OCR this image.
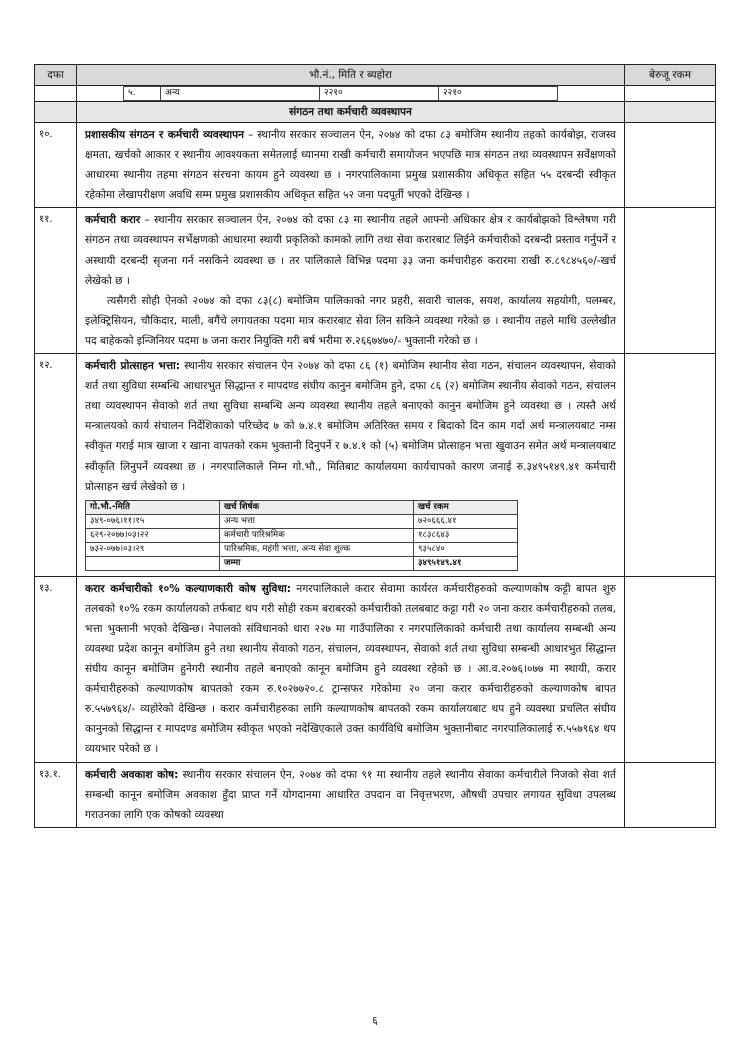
दफा	भौ.नं., मिति र ब्यहोरा	बेरुजू रकम
५.	अन्य	२२१०	२२१०
संगठन तथा कर्मचारी व्यवस्थापन
१०.	प्रशासकीय संगठन र कर्मचारी व्यवस्थापन – स्थानीय सरकार सञ्चालन ऐन, २०७४ को दफा ८३ बमोजिम स्थानीय तहको कार्यबोझ, राजस्व क्षमता, खर्चको आकार र स्थानीय आवश्यकता समेतलाई ध्यानमा राखी कर्मचारी समायोजन भएपछि मात्र संगठन तथा व्यवस्थापन सर्वेक्षणको आधारमा स्थानीय तहमा संगठन संरचना कायम हुने व्यवस्था छ । नगरपालिकामा प्रमुख प्रशासकीय अधिकृत सहित ५५ दरबन्दी स्वीकृत रहेकोमा लेखापरीक्षण अवधि सम्म प्रमुख प्रशासकीय अधिकृत सहित ५२ जना पदपूर्ती भएको देखिन्छ ।
११.	कर्मचारी करार – स्थानीय सरकार सञ्चालन ऐन, २०७४ को दफा ८३ मा स्थानीय तहले आफ्नो अधिकार क्षेत्र र कार्यबोझको विश्लेषण गरी संगठन तथा व्यवस्थापन सर्भेक्षणको आधारमा स्थायी प्रकृतिको कामको लागि तथा सेवा करारबाट लिईने कर्मचारीको दरबन्दी प्रस्ताव गर्नुपर्ने र अस्थायी दरबन्दी सृजना गर्न नसकिने व्यवस्था छ । तर पालिकाले विभिन्न पदमा ३३ जना कर्मचारीहरु करारमा राखी रु.८९८४५६०/-खर्च लेखेको छ ।
त्यसैगरी सोही ऐनको २०७४ को दफा ८३(८) बमोजिम पालिकाको नगर प्रहरी, सवारी चालक, सयश, कार्यालय सहयोगी, पलम्बर, इलेक्ट्रिसियन, चौकिदार, माली, बगैंचे लगायतका पदमा मात्र करारबाट सेवा लिन सकिने व्यवस्था गरेको छ । स्थानीय तहले माथि उल्लेखीत पद बाहेकको इन्जिनियर पदमा ७ जना करार नियुक्ति गरी बर्ष भरीमा रु.२६६७४७०/- भुक्तानी गरेको छ ।
१२.	कर्मचारी प्रोत्साहन भत्ता: स्थानीय सरकार संचालन ऐन २०७४ को दफा ८६ (१) बमोजिम स्थानीय सेवा गठन, संचालन व्यवस्थापन, सेवाको शर्त तथा सुविधा सम्बन्धि आधारभुत सिद्धान्त र मापदण्ड संघीय कानुन बमोजिम हुने, दफा ८६ (२) बमोजिम स्थानीय सेवाको गठन, संचालन तथा व्यवस्थापन सेवाको शर्त तथा सुविधा सम्बन्धि अन्य व्यवस्था स्थानीय तहले बनाएको कानुन बमोजिम हुने व्यवस्था छ । त्यस्तै अर्थ मन्त्रालयको कार्य संचालन निर्देशिकाको परिच्छेद ७ को ७.४.१ बमोजिम अतिरिक्त समय र बिदाको दिन काम गर्दा अर्थ मन्त्रालयबाट नम्स स्वीकृत गराई मात्र खाजा र खाना वापतको रकम भुक्तानी दिनुपर्ने र ७.४.१ को (५) बमोजिम प्रोत्साहन भत्ता खुवाउन समेत अर्थ मन्त्रालयबाट स्वीकृति लिनुपर्ने व्यवस्था छ । नगरपालिकाले निम्न गो.भौ., मितिबाट कार्यालयमा कार्यचापको कारण जनाई रु.३४९५१४९.४१ कर्मचारी प्रोत्साहन खर्च लेखेको छ ।
गो.भौ.-मिति	खर्च शिर्षक	खर्च रकम
३४९-०७६।११।१५	अन्य भत्ता	७२०६६६.४१
६२९-२०७७।०३।२२	कर्मचारी पारिश्रमिक	१८३८६४३
७३२-०७७।०३।२९	पारिश्रमिक, महंगी भत्ता, अन्य सेवा शुल्क	९३५८४०
	जम्मा	३४९५१४९.४१
१३.	करार कर्मचारीको १०% कल्याणकारी कोष सुविधा: नगरपालिकाले करार सेवामा कार्यरत कर्मचारीहरुको कल्याणकोष कट्टी बापत शुरु तलबको १०% रकम कार्यालयको तर्फबाट थप गरी सोही रकम बराबरको कर्मचारीको तलबबाट कट्टा गरी २० जना करार कर्मचारीहरुको तलब, भत्ता भुक्तानी भएको देखिन्छ। नेपालको संविधानको धारा २२७ मा गाउँपालिका र नगरपालिकाको कर्मचारी तथा कार्यालय सम्बन्धी अन्य व्यवस्था प्रदेश कानून बमोजिम हुने तथा स्थानीय सेवाको गठन, संचालन, व्यवस्थापन, सेवाको शर्त तथा सुविधा सम्बन्धी आधारभुत सिद्धान्त संघीय कानून बमोजिम हुनेगरी स्थानीय तहले बनाएको कानून बमोजिम हुने व्यवस्था रहेको छ । आ.व.२०७६।०७७ मा स्थायी, करार कर्मचारीहरुको कल्याणकोष बापतको रकम रु.१०२७७२०.८ ट्रान्सफर गरेकोमा २० जना करार कर्मचारीहरुको कल्याणकोष बापत रु.५५७९६४/- व्यहोरेको देखिन्छ । करार कर्मचारीहरुका लागि कल्याणकोष बापतको रकम कार्यालयबाट थप हुने व्यवस्था प्रचलित संघीय कानुनको सिद्धान्त र मापदण्ड बमोजिम स्वीकृत भएको नदेखिएकाले उक्त कार्यविधि बमोजिम भुक्तानीबाट नगरपालिकालाई रु.५५७९६४ थप व्ययभार परेको छ ।
१३.१.	कर्मचारी अवकाश कोष: स्थानीय सरकार संचालन ऐन, २०७४ को दफा ९१ मा स्थानीय तहले स्थानीय सेवाका कर्मचारीले निजको सेवा शर्त सम्बन्धी कानून बमोजिम अवकाश हुँदा प्राप्त गर्ने योगदानमा आधारित उपदान वा निवृत्तभरण, औषधी उपचार लगायत सुविधा उपलब्ध गराउनका लागि एक कोषको व्यवस्था
६
